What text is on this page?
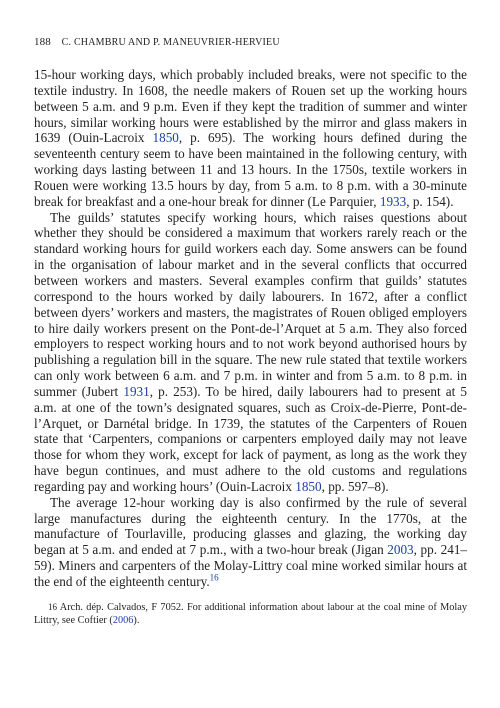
188 C. CHAMBRU AND P. MANEUVRIER-HERVIEU

15-hour working days, which probably included breaks, were not specific to the textile industry. In 1608, the needle makers of Rouen set up the working hours between 5 a.m. and 9 p.m. Even if they kept the tradition of summer and winter hours, similar working hours were established by the mirror and glass makers in 1639 (Ouin-Lacroix 1850, p. 695). The working hours defined during the seventeenth century seem to have been maintained in the following century, with working days lasting between 11 and 13 hours. In the 1750s, textile workers in Rouen were working 13.5 hours by day, from 5 a.m. to 8 p.m. with a 30-minute break for breakfast and a one-hour break for dinner (Le Parquier, 1933, p. 154).

The guilds’ statutes specify working hours, which raises questions about whether they should be considered a maximum that workers rarely reach or the standard working hours for guild workers each day. Some answers can be found in the organisation of labour market and in the several conflicts that occurred between workers and masters. Several examples confirm that guilds’ statutes correspond to the hours worked by daily labourers. In 1672, after a conflict between dyers’ workers and masters, the magistrates of Rouen obliged employers to hire daily workers present on the Pont-de-l’Arquet at 5 a.m. They also forced employers to respect working hours and to not work beyond authorised hours by publishing a regulation bill in the square. The new rule stated that textile workers can only work between 6 a.m. and 7 p.m. in winter and from 5 a.m. to 8 p.m. in summer (Jubert 1931, p. 253). To be hired, daily labourers had to present at 5 a.m. at one of the town’s designated squares, such as Croix-de-Pierre, Pont-de-l’Arquet, or Darnétal bridge. In 1739, the statutes of the Carpenters of Rouen state that ‘Carpenters, companions or carpenters employed daily may not leave those for whom they work, except for lack of payment, as long as the work they have begun continues, and must adhere to the old customs and regulations regarding pay and working hours’ (Ouin-Lacroix 1850, pp. 597–8).

The average 12-hour working day is also confirmed by the rule of several large manufactures during the eighteenth century. In the 1770s, at the manufacture of Tourlaville, producing glasses and glazing, the working day began at 5 a.m. and ended at 7 p.m., with a two-hour break (Jigan 2003, pp. 241–59). Miners and carpenters of the Molay-Littry coal mine worked similar hours at the end of the eighteenth century.$^{16}$

16 Arch. dép. Calvados, F 7052. For additional information about labour at the coal mine of Molay Littry, see Coftier (2006).
